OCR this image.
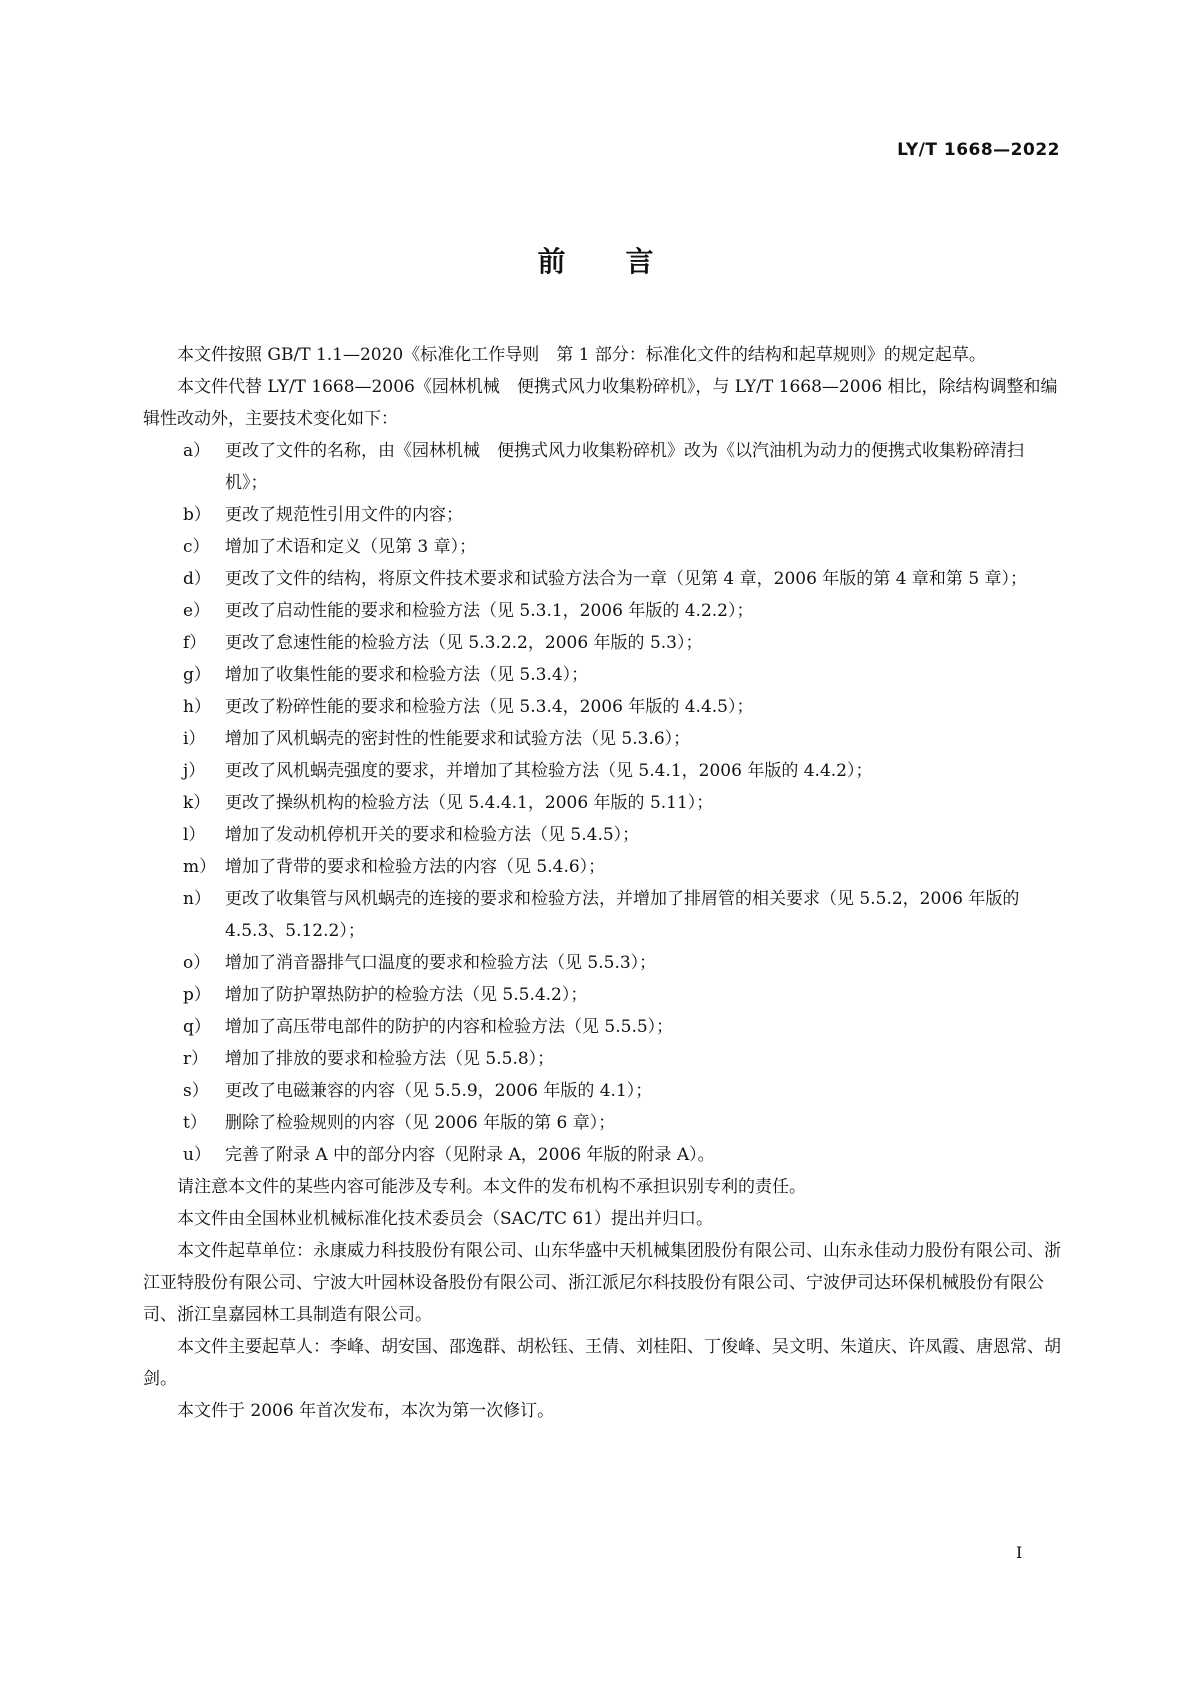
LY/T 1668—2022
前 言

本文件按照 GB/T 1.1—2020《标准化工作导则　第 1 部分：标准化文件的结构和起草规则》的规定起草。

本文件代替 LY/T 1668—2006《园林机械　便携式风力收集粉碎机》，与 LY/T 1668—2006 相比，除结构调整和编辑性改动外，主要技术变化如下：

a） 更改了文件的名称，由《园林机械　便携式风力收集粉碎机》改为《以汽油机为动力的便携式收集粉碎清扫机》；
b） 更改了规范性引用文件的内容；
c） 增加了术语和定义（见第 3 章）；
d） 更改了文件的结构，将原文件技术要求和试验方法合为一章（见第 4 章，2006 年版的第 4 章和第 5 章）；
e） 更改了启动性能的要求和检验方法（见 5.3.1，2006 年版的 4.2.2）；
f） 更改了怠速性能的检验方法（见 5.3.2.2，2006 年版的 5.3）；
g） 增加了收集性能的要求和检验方法（见 5.3.4）；
h） 更改了粉碎性能的要求和检验方法（见 5.3.4，2006 年版的 4.4.5）；
i） 增加了风机蜗壳的密封性的性能要求和试验方法（见 5.3.6）；
j） 更改了风机蜗壳强度的要求，并增加了其检验方法（见 5.4.1，2006 年版的 4.4.2）；
k） 更改了操纵机构的检验方法（见 5.4.4.1，2006 年版的 5.11）；
l） 增加了发动机停机开关的要求和检验方法（见 5.4.5）；
m） 增加了背带的要求和检验方法的内容（见 5.4.6）；
n） 更改了收集管与风机蜗壳的连接的要求和检验方法，并增加了排屑管的相关要求（见 5.5.2，2006 年版的 4.5.3、5.12.2）；
o） 增加了消音器排气口温度的要求和检验方法（见 5.5.3）；
p） 增加了防护罩热防护的检验方法（见 5.5.4.2）；
q） 增加了高压带电部件的防护的内容和检验方法（见 5.5.5）；
r） 增加了排放的要求和检验方法（见 5.5.8）；
s） 更改了电磁兼容的内容（见 5.5.9，2006 年版的 4.1）；
t） 删除了检验规则的内容（见 2006 年版的第 6 章）；
u） 完善了附录 A 中的部分内容（见附录 A，2006 年版的附录 A）。

请注意本文件的某些内容可能涉及专利。本文件的发布机构不承担识别专利的责任。

本文件由全国林业机械标准化技术委员会（SAC/TC 61）提出并归口。

本文件起草单位：永康威力科技股份有限公司、山东华盛中天机械集团股份有限公司、山东永佳动力股份有限公司、浙江亚特股份有限公司、宁波大叶园林设备股份有限公司、浙江派尼尔科技股份有限公司、宁波伊司达环保机械股份有限公司、浙江皇嘉园林工具制造有限公司。

本文件主要起草人：李峰、胡安国、邵逸群、胡松钰、王倩、刘桂阳、丁俊峰、吴文明、朱道庆、许凤霞、唐恩常、胡剑。

本文件于 2006 年首次发布，本次为第一次修订。

I
